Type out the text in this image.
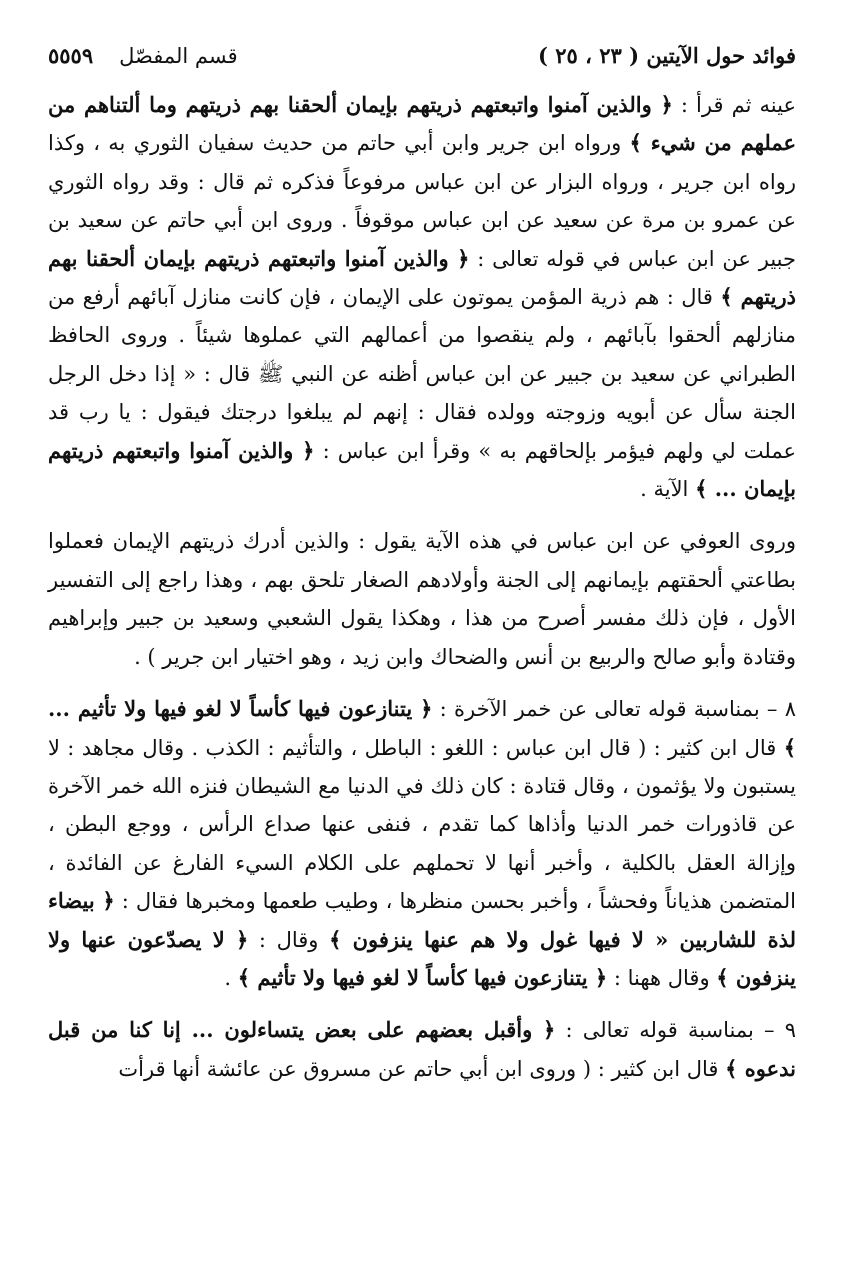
فوائد حول الآيتين ( ٢٣ ، ٢٥ )
قسم المفصّل
٥٥٥٩

عينه ثم قرأ : ﴿ والذين آمنوا واتبعتهم ذريتهم بإيمان ألحقنا بهم ذريتهم وما ألتناهم من عملهم من شيء ﴾ ورواه ابن جرير وابن أبي حاتم من حديث سفيان الثوري به ، وكذا رواه ابن جرير ، ورواه البزار عن ابن عباس مرفوعاً فذكره ثم قال : وقد رواه الثوري عن عمرو بن مرة عن سعيد عن ابن عباس موقوفاً . وروى ابن أبي حاتم عن سعيد بن جبير عن ابن عباس في قوله تعالى : ﴿ والذين آمنوا واتبعتهم ذريتهم بإيمان ألحقنا بهم ذريتهم ﴾ قال : هم ذرية المؤمن يموتون على الإيمان ، فإن كانت منازل آبائهم أرفع من منازلهم ألحقوا بآبائهم ، ولم ينقصوا من أعمالهم التي عملوها شيئاً . وروى الحافظ الطبراني عن سعيد بن جبير عن ابن عباس أظنه عن النبي ﷺ قال : « إذا دخل الرجل الجنة سأل عن أبويه وزوجته وولده فقال : إنهم لم يبلغوا درجتك فيقول : يا رب قد عملت لي ولهم فيؤمر بإلحاقهم به » وقرأ ابن عباس : ﴿ والذين آمنوا واتبعتهم ذريتهم بإيمان ... ﴾ الآية .

وروى العوفي عن ابن عباس في هذه الآية يقول : والذين أدرك ذريتهم الإيمان فعملوا بطاعتي ألحقتهم بإيمانهم إلى الجنة وأولادهم الصغار تلحق بهم ، وهذا راجع إلى التفسير الأول ، فإن ذلك مفسر أصرح من هذا ، وهكذا يقول الشعبي وسعيد بن جبير وإبراهيم وقتادة وأبو صالح والربيع بن أنس والضحاك وابن زيد ، وهو اختيار ابن جرير ) .

٨ – بمناسبة قوله تعالى عن خمر الآخرة : ﴿ يتنازعون فيها كأساً لا لغو فيها ولا تأثيم ... ﴾ قال ابن كثير : ( قال ابن عباس : اللغو : الباطل ، والتأثيم : الكذب . وقال مجاهد : لا يستبون ولا يؤثمون ، وقال قتادة : كان ذلك في الدنيا مع الشيطان فنزه الله خمر الآخرة عن قاذورات خمر الدنيا وأذاها كما تقدم ، فنفى عنها صداع الرأس ، ووجع البطن ، وإزالة العقل بالكلية ، وأخبر أنها لا تحملهم على الكلام السيء الفارغ عن الفائدة ، المتضمن هذياناً وفحشاً ، وأخبر بحسن منظرها ، وطيب طعمها ومخبرها فقال : ﴿ بيضاء لذة للشاربين « لا فيها غول ولا هم عنها ينزفون ﴾ وقال : ﴿ لا يصدّعون عنها ولا ينزفون ﴾ وقال ههنا : ﴿ يتنازعون فيها كأساً لا لغو فيها ولا تأثيم ﴾ .

٩ – بمناسبة قوله تعالى : ﴿ وأقبل بعضهم على بعض يتساءلون ... إنا كنا من قبل ندعوه ﴾ قال ابن كثير : ( وروى ابن أبي حاتم عن مسروق عن عائشة أنها قرأت
